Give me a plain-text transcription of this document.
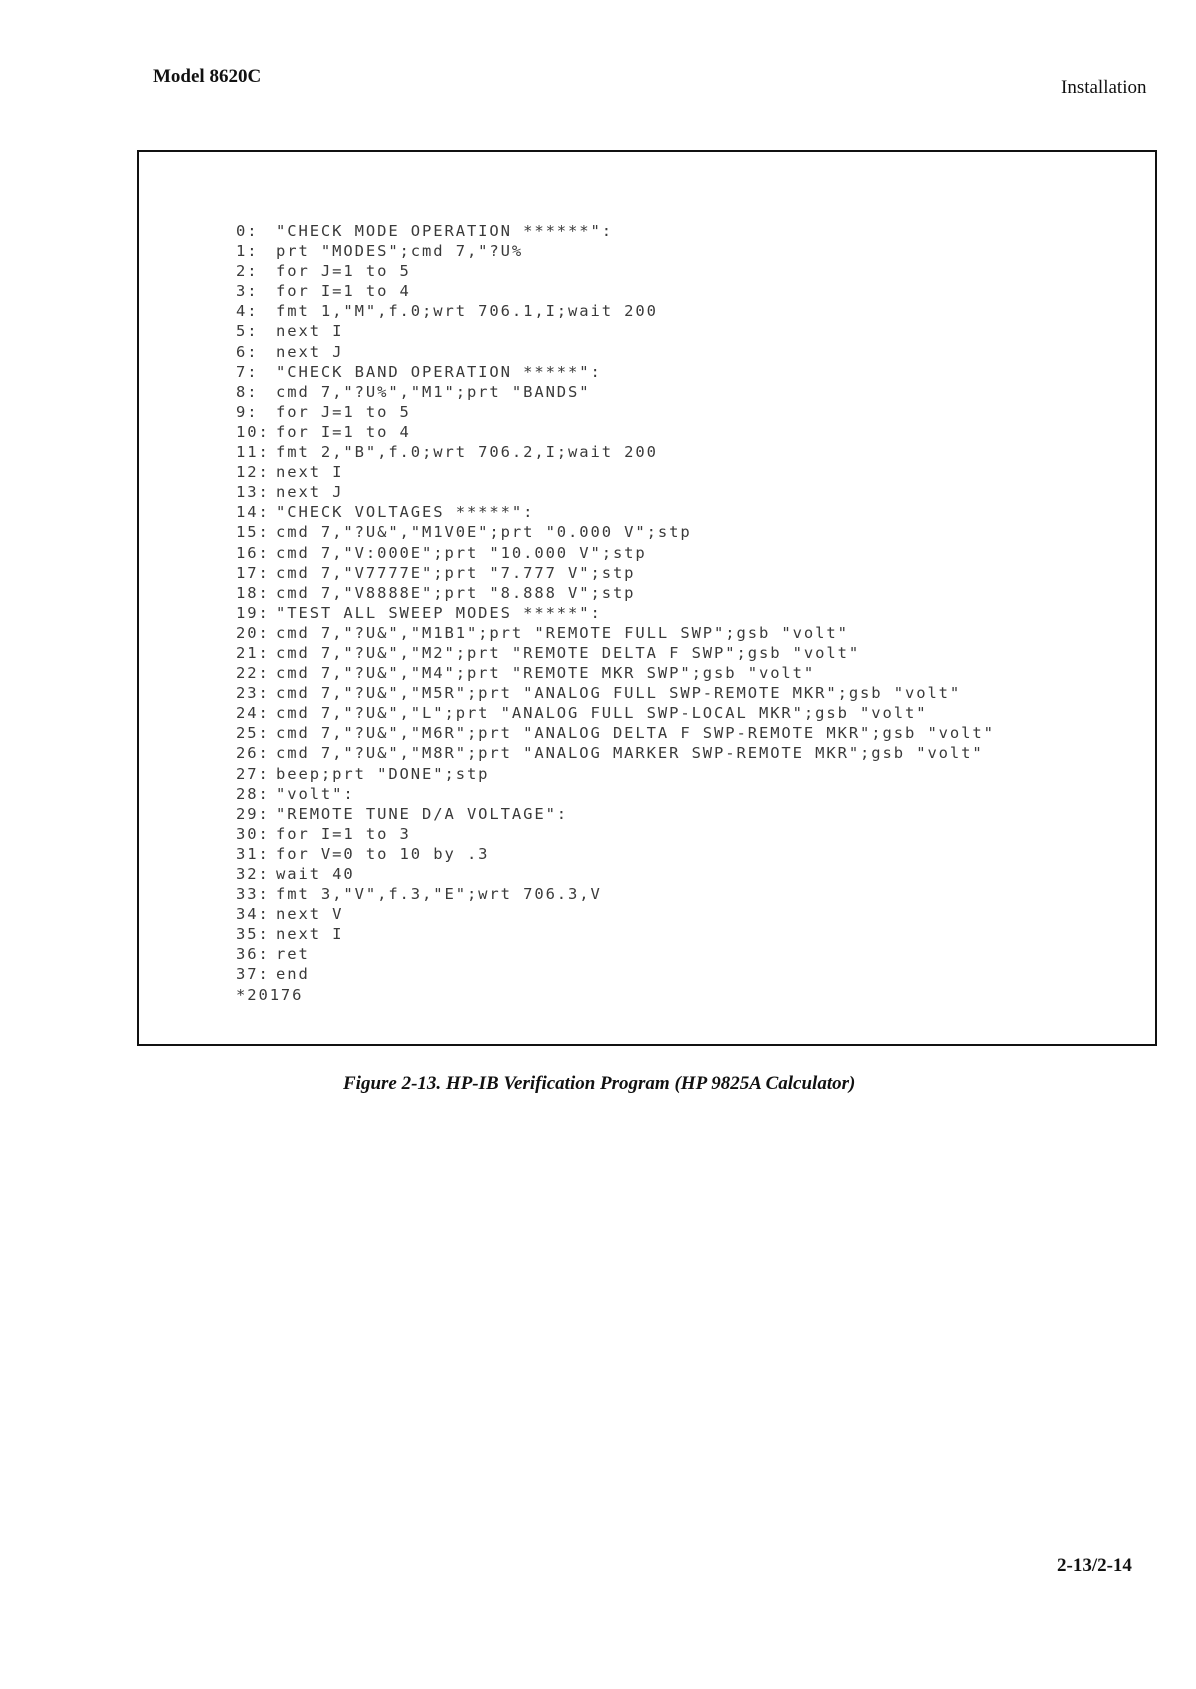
Model 8620C
Installation
0: "CHECK MODE OPERATION ******":
1: prt "MODES";cmd 7,"?U%
2: for J=1 to 5
3: for I=1 to 4
4: fmt 1,"M",f.0;wrt 706.1,I;wait 200
5: next I
6: next J
7: "CHECK BAND OPERATION *****":
8: cmd 7,"?U%","M1";prt "BANDS"
9: for J=1 to 5
10: for I=1 to 4
11: fmt 2,"B",f.0;wrt 706.2,I;wait 200
12: next I
13: next J
14: "CHECK VOLTAGES *****":
15: cmd 7,"?U&","M1V0E";prt "0.000 V";stp
16: cmd 7,"V:000E";prt "10.000 V";stp
17: cmd 7,"V7777E";prt "7.777 V";stp
18: cmd 7,"V8888E";prt "8.888 V";stp
19: "TEST ALL SWEEP MODES *****":
20: cmd 7,"?U&","M1B1";prt "REMOTE FULL SWP";gsb "volt"
21: cmd 7,"?U&","M2";prt "REMOTE DELTA F SWP";gsb "volt"
22: cmd 7,"?U&","M4";prt "REMOTE MKR SWP";gsb "volt"
23: cmd 7,"?U&","M5R";prt "ANALOG FULL SWP-REMOTE MKR";gsb "volt"
24: cmd 7,"?U&","L";prt "ANALOG FULL SWP-LOCAL MKR";gsb "volt"
25: cmd 7,"?U&","M6R";prt "ANALOG DELTA F SWP-REMOTE MKR";gsb "volt"
26: cmd 7,"?U&","M8R";prt "ANALOG MARKER SWP-REMOTE MKR";gsb "volt"
27: beep;prt "DONE";stp
28: "volt":
29: "REMOTE TUNE D/A VOLTAGE":
30: for I=1 to 3
31: for V=0 to 10 by .3
32: wait 40
33: fmt 3,"V",f.3,"E";wrt 706.3,V
34: next V
35: next I
36: ret
37: end
*20176
Figure 2-13. HP-IB Verification Program (HP 9825A Calculator)
2-13/2-14
